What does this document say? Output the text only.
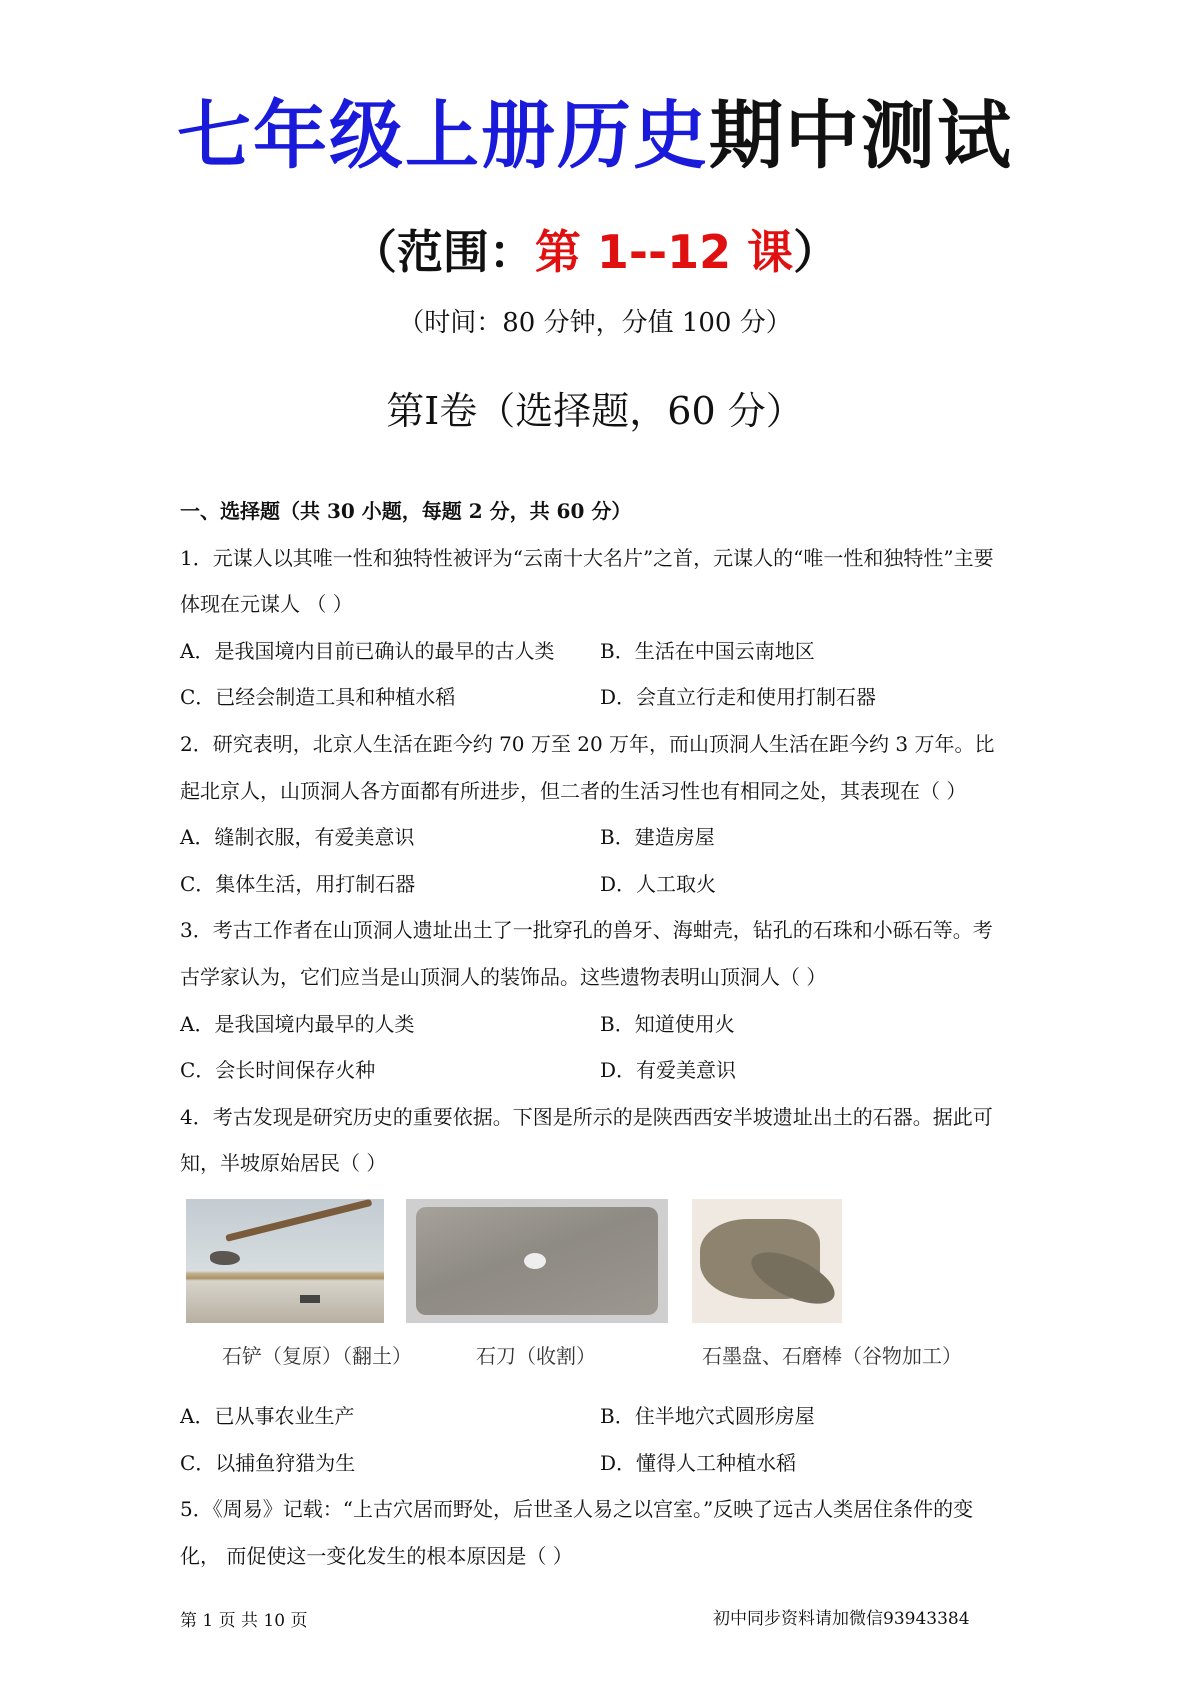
七年级上册历史期中测试
（范围：第 1--12 课）
（时间：80 分钟，分值 100 分）
第Ⅰ卷（选择题，60 分）
一、选择题（共 30 小题，每题 2 分，共 60 分）
1．元谋人以其唯一性和独特性被评为“云南十大名片”之首，元谋人的“唯一性和独特性”主要体现在元谋人 （ ）
A．是我国境内目前已确认的最早的古人类	B．生活在中国云南地区
C．已经会制造工具和种植水稻	D．会直立行走和使用打制石器
2．研究表明，北京人生活在距今约 70 万至 20 万年，而山顶洞人生活在距今约 3 万年。比起北京人，山顶洞人各方面都有所进步，但二者的生活习性也有相同之处，其表现在（ ）
A．缝制衣服，有爱美意识	B．建造房屋
C．集体生活，用打制石器	D．人工取火
3．考古工作者在山顶洞人遗址出土了一批穿孔的兽牙、海蚶壳，钻孔的石珠和小砾石等。考古学家认为，它们应当是山顶洞人的装饰品。这些遗物表明山顶洞人（ ）
A．是我国境内最早的人类	B．知道使用火
C．会长时间保存火种	D．有爱美意识
4．考古发现是研究历史的重要依据。下图是所示的是陕西西安半坡遗址出土的石器。据此可知，半坡原始居民（ ）
石铲（复原）（翻土）	石刀（收割）	石墨盘、石磨棒（谷物加工）
A．已从事农业生产	B．住半地穴式圆形房屋
C．以捕鱼狩猎为生	D．懂得人工种植水稻
5．《周易》记载：“上古穴居而野处，后世圣人易之以宫室。”反映了远古人类居住条件的变化， 而促使这一变化发生的根本原因是（ ）
第 1 页 共 10 页	初中同步资料请加微信93943384
